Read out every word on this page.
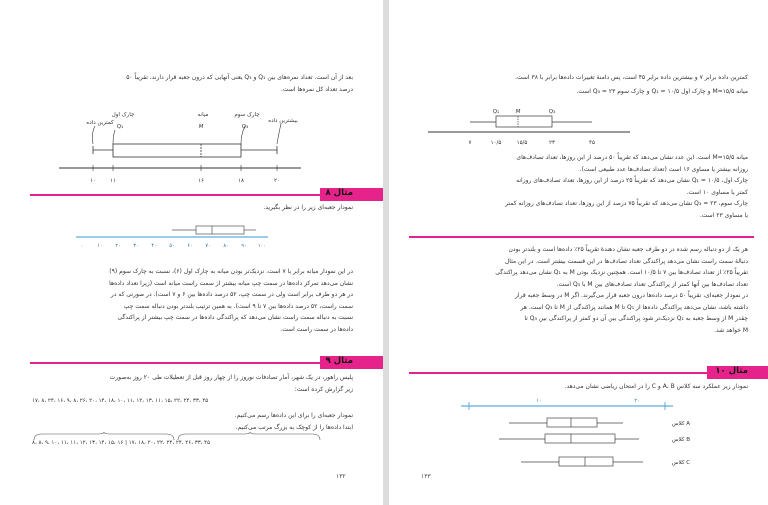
بعد از آن است. تعداد نمره‌های بین Q₁ و Q₃ یعنی آنهایی که درون جعبه قرار دارند، تقریباً ۵۰
درصد تعداد کل نمره‌ها است.
کمترین داده
چارک اول
Q₁
میانه
M
چارک سوم
Q₃
بیشترین داده
۱۰	۱۱	۱۶	۱۸	۲۰
مثال ۸
نمودار جعبه‌ای زیر را در نظر بگیرید.
۰	۱۰	۲۰	۳۰	۴۰	۵۰	۶۰	۷۰	۸۰	۹۰ ۱۰۰
در این نمودار میانه برابر با ۷ است. نزدیک‌تر بودن میانه به چارک اول (۶)، نسبت به چارک سوم (۹)
نشان می‌دهد تمرکز داده‌ها در سمت چپ میانه بیشتر از سمت راست میانه است (زیرا تعداد داده‌ها
در هر دو طرف برابر است ولی در سمت چپ، ۵۲ درصد داده‌ها بین ۶ و ۷ است). در صورتی که در
سمت راست، ۵۲ درصد داده‌ها بین ۷ تا ۹ است). به همین ترتیب بلندتر بودن دنباله سمت چپ
نسبت به دنباله سمت راست نشان می‌دهد که پراکندگی داده‌ها در سمت چپ بیشتر از پراکندگی
داده‌ها در سمت راست است.
مثال ۹
پلیس راهور، در یک شهر، آمار تصادفات نوروز را از چهار روز قبل از تعطیلات طی ۲۰ روز به‌صورت
زیر گزارش کرده است:
۱۷، ۸، ۲۴، ۱۶، ۹، ۸، ۲۶، ۲۰، ۱۴، ۱۸، ۱۰، ۱۱، ۱۲، ۱۳، ۱۱، ۱۵، ۲۲، ۲۴، ۳۳، ۴۵
نمودار جعبه‌ای را برای این داده‌ها رسم می‌کنیم.
ابتدا داده‌ها را از کوچک به بزرگ مرتب می‌کنیم.
۸، ۸، ۹، ۱۰، ۱۱، ۱۱، ۱۲، ۱۳، ۱۴، ۱۵، ۱۶ | ۱۷، ۱۸، ۲۰، ۲۲، ۲۴، ۲۴، ۲۶، ۳۳، ۴۵
۱۳۲
کمترین داده برابر ۷ و بیشترین داده برابر ۴۵ است، پس دامنهٔ تغییرات داده‌ها برابر با ۳۸ است.
میانه M=۱۵/۵ و چارک اول ۱۰/۵ = Q₁ و چارک سوم ۲۳ = Q₃ است.
Q₁	M	Q₃
۷	۱۰/۵	۱۵/۵	۲۳	۴۵
میانه M=۱۵/۵ است. این عدد نشان می‌دهد که تقریباً ۵۰ درصد از این روزها، تعداد تصادف‌های
روزانه بیشتر یا مساوی ۱۶ است (تعداد تصادف‌ها عدد طبیعی است).
چارک اول، ۱۰/۵ = Q₁ نشان می‌دهد که تقریباً ۲۵ درصد از این روزها، تعداد تصادف‌های روزانه
کمتر یا مساوی ۱۰ است.
چارک سوم، ۲۳ = Q₃ نشان می‌دهد که تقریباً ۷۵ درصد از این روزها، تعداد تصادف‌های روزانه کمتر
یا مساوی ۲۳ است.
هر یک از دو دنباله رسم شده در دو طرف جعبه نشان دهندهٔ تقریباً ۲۵٪ داده‌ها است و بلندتر بودن
دنبالهٔ سمت راست نشان می‌دهد پراکندگی تعداد تصادف‌ها در این قسمت بیشتر است. در این مثال
تقریباً ۲۵٪ از تعداد تصادف‌ها بین ۷ تا ۱۰/۵ است. همچنین نزدیک بودن M به Q₁ نشان می‌دهد پراکندگی
تعداد تصادف‌ها بین آنها کمتر از پراکندگی تعداد تصادف‌های بین M با Q₃ است.
در نمودار جعبه‌ای، تقریباً ۵۰ درصد داده‌ها درون جعبه قرار می‌گیرند. اگر M در وسط جعبه قرار
داشته باشد، نشان می‌دهد پراکندگی داده‌ها از Q₁ تا M همانند پراکندگی از M تا Q₃ است. هر
چقدر M از وسط جعبه به Q₁ نزدیک‌تر شود پراکندگی بین آن دو کمتر از پراکندگی بین Q₃ تا
M خواهد شد.
مثال ۱۰
نمودار زیر عملکرد سه کلاس A، B و C را در امتحان ریاضی نشان می‌دهد.
۱۰	۲۰
کلاس A
کلاس B
کلاس C
۱۳۳
